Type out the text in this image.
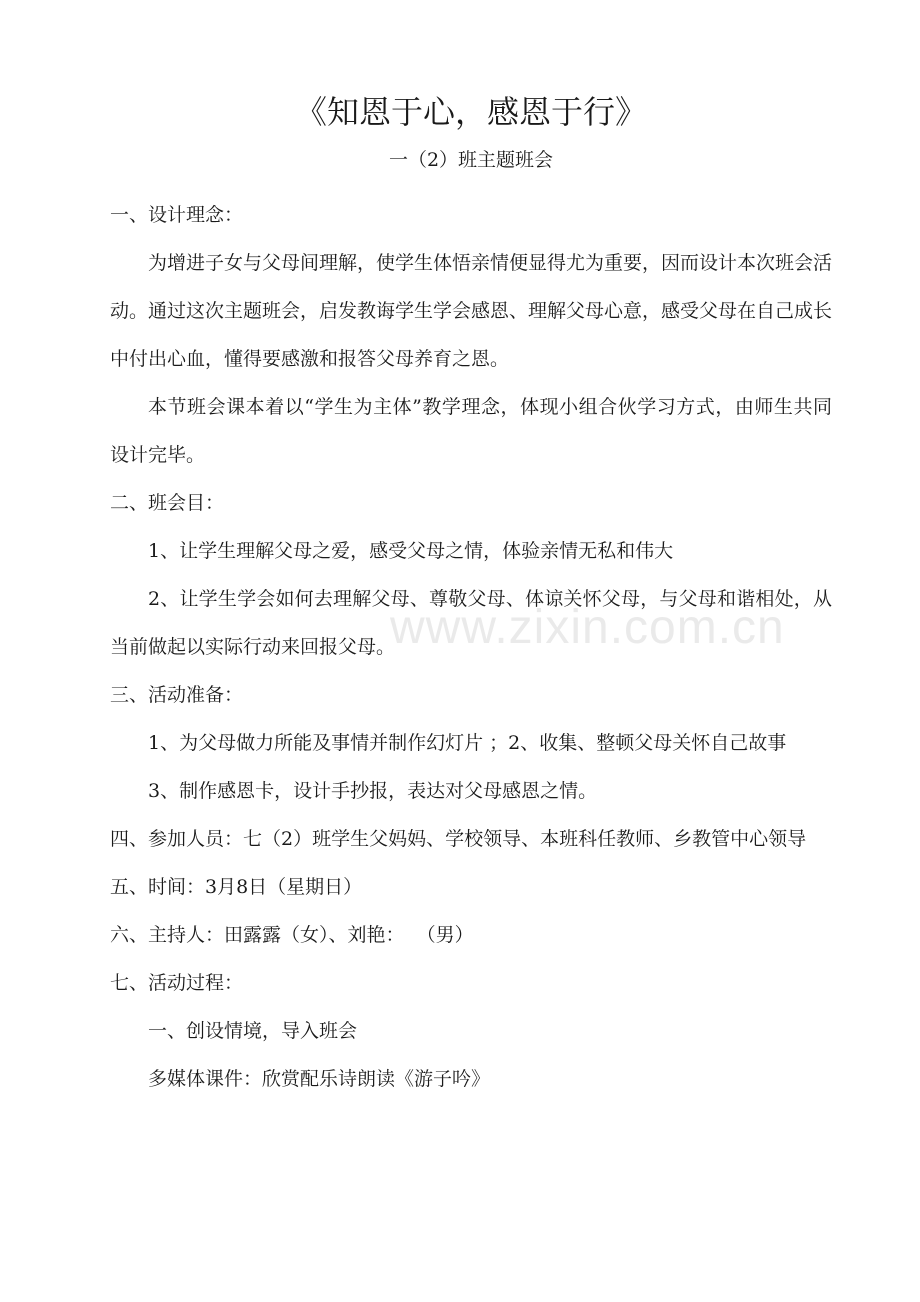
《知恩于心，感恩于行》
一（2）班主题班会

一、设计理念：

为增进子女与父母间理解，使学生体悟亲情便显得尤为重要，因而设计本次班会活动。通过这次主题班会，启发教诲学生学会感恩、理解父母心意，感受父母在自己成长中付出心血，懂得要感激和报答父母养育之恩。

本节班会课本着以“学生为主体”教学理念，体现小组合伙学习方式，由师生共同设计完毕。

二、班会目：

1、让学生理解父母之爱，感受父母之情，体验亲情无私和伟大

2、让学生学会如何去理解父母、尊敬父母、体谅关怀父母，与父母和谐相处，从当前做起以实际行动来回报父母。

三、活动准备：

1、为父母做力所能及事情并制作幻灯片 ；2、收集、整顿父母关怀自己故事

3、制作感恩卡，设计手抄报，表达对父母感恩之情。

四、参加人员：七（2）班学生父妈妈、学校领导、本班科任教师、乡教管中心领导

五、时间：3月8日（星期日）

六、主持人：田露露（女）、刘艳：  （男）

七、活动过程：

一、创设情境，导入班会

多媒体课件：欣赏配乐诗朗读《游子吟》

www.zixin.com.cn
